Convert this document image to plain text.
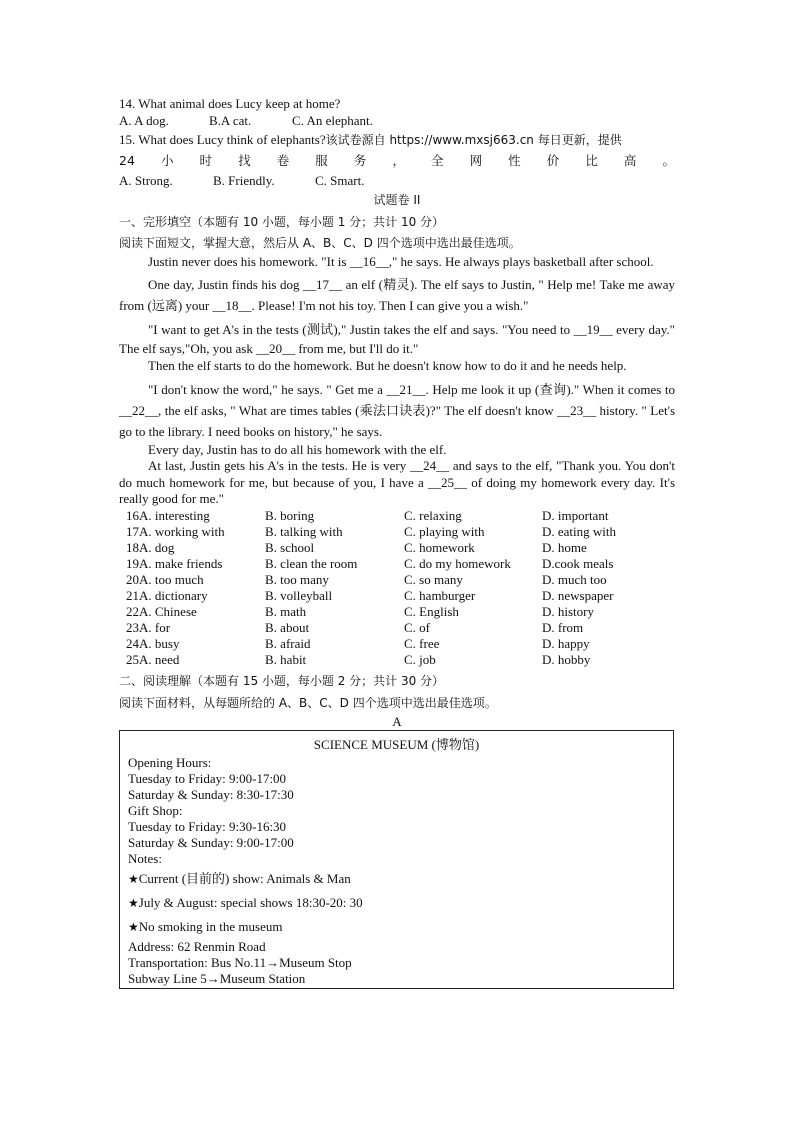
14. What animal does Lucy keep at home?
A. A dog.	B.A cat.	C. An elephant.
15. What does Lucy think of elephants?该试卷源自 https://www.mxsj663.cn 每日更新，提供
24 小 时 找 卷 服 务 ， 全 网 性 价 比 高 。
A. Strong.	B. Friendly.	C. Smart.
试题卷 II
一、完形填空（本题有 10 小题，每小题 1 分；共计 10 分）
阅读下面短文，掌握大意，然后从 A、B、C、D 四个选项中选出最佳选项。
Justin never does his homework. "It is __16__," he says. He always plays basketball after school.
One day, Justin finds his dog __17__ an elf (精灵). The elf says to Justin, " Help me! Take me away from (远离) your __18__. Please! I'm not his toy. Then I can give you a wish."
"I want to get A's in the tests (测试)," Justin takes the elf and says. "You need to __19__ every day." The elf says,"Oh, you ask __20__ from me, but I'll do it."
Then the elf starts to do the homework. But he doesn't know how to do it and he needs help.
"I don't know the word," he says. " Get me a __21__. Help me look it up (查询)." When it comes to __22__, the elf asks, " What are times tables (乘法口诀表)?" The elf doesn't know __23__ history. " Let's go to the library. I need books on history," he says.
Every day, Justin has to do all his homework with the elf.
At last, Justin gets his A's in the tests. He is very __24__ and says to the elf, "Thank you. You don't do much homework for me, but because of you, I have a __25__ of doing my homework every day. It's really good for me."
16A. interesting	B. boring	C. relaxing	D. important
17A. working with	B. talking with	C. playing with	D. eating with
18A. dog	B. school	C. homework	D. home
19A. make friends	B. clean the room	C. do my homework	D.cook meals
20A. too much	B. too many	C. so many	D. much too
21A. dictionary	B. volleyball	C. hamburger	D. newspaper
22A. Chinese	B. math	C. English	D. history
23A. for	B. about	C. of	D. from
24A. busy	B. afraid	C. free	D. happy
25A. need	B. habit	C. job	D. hobby
二、阅读理解（本题有 15 小题，每小题 2 分；共计 30 分）
阅读下面材料，从每题所给的 A、B、C、D 四个选项中选出最佳选项。
A
SCIENCE MUSEUM (博物馆)
Opening Hours:
Tuesday to Friday: 9:00-17:00
Saturday & Sunday: 8:30-17:30
Gift Shop:
Tuesday to Friday: 9:30-16:30
Saturday & Sunday: 9:00-17:00
Notes:
★Current (目前的) show: Animals & Man
★July & August: special shows 18:30-20: 30
★No smoking in the museum
Address: 62 Renmin Road
Transportation: Bus No.11→Museum Stop
Subway Line 5→Museum Station
